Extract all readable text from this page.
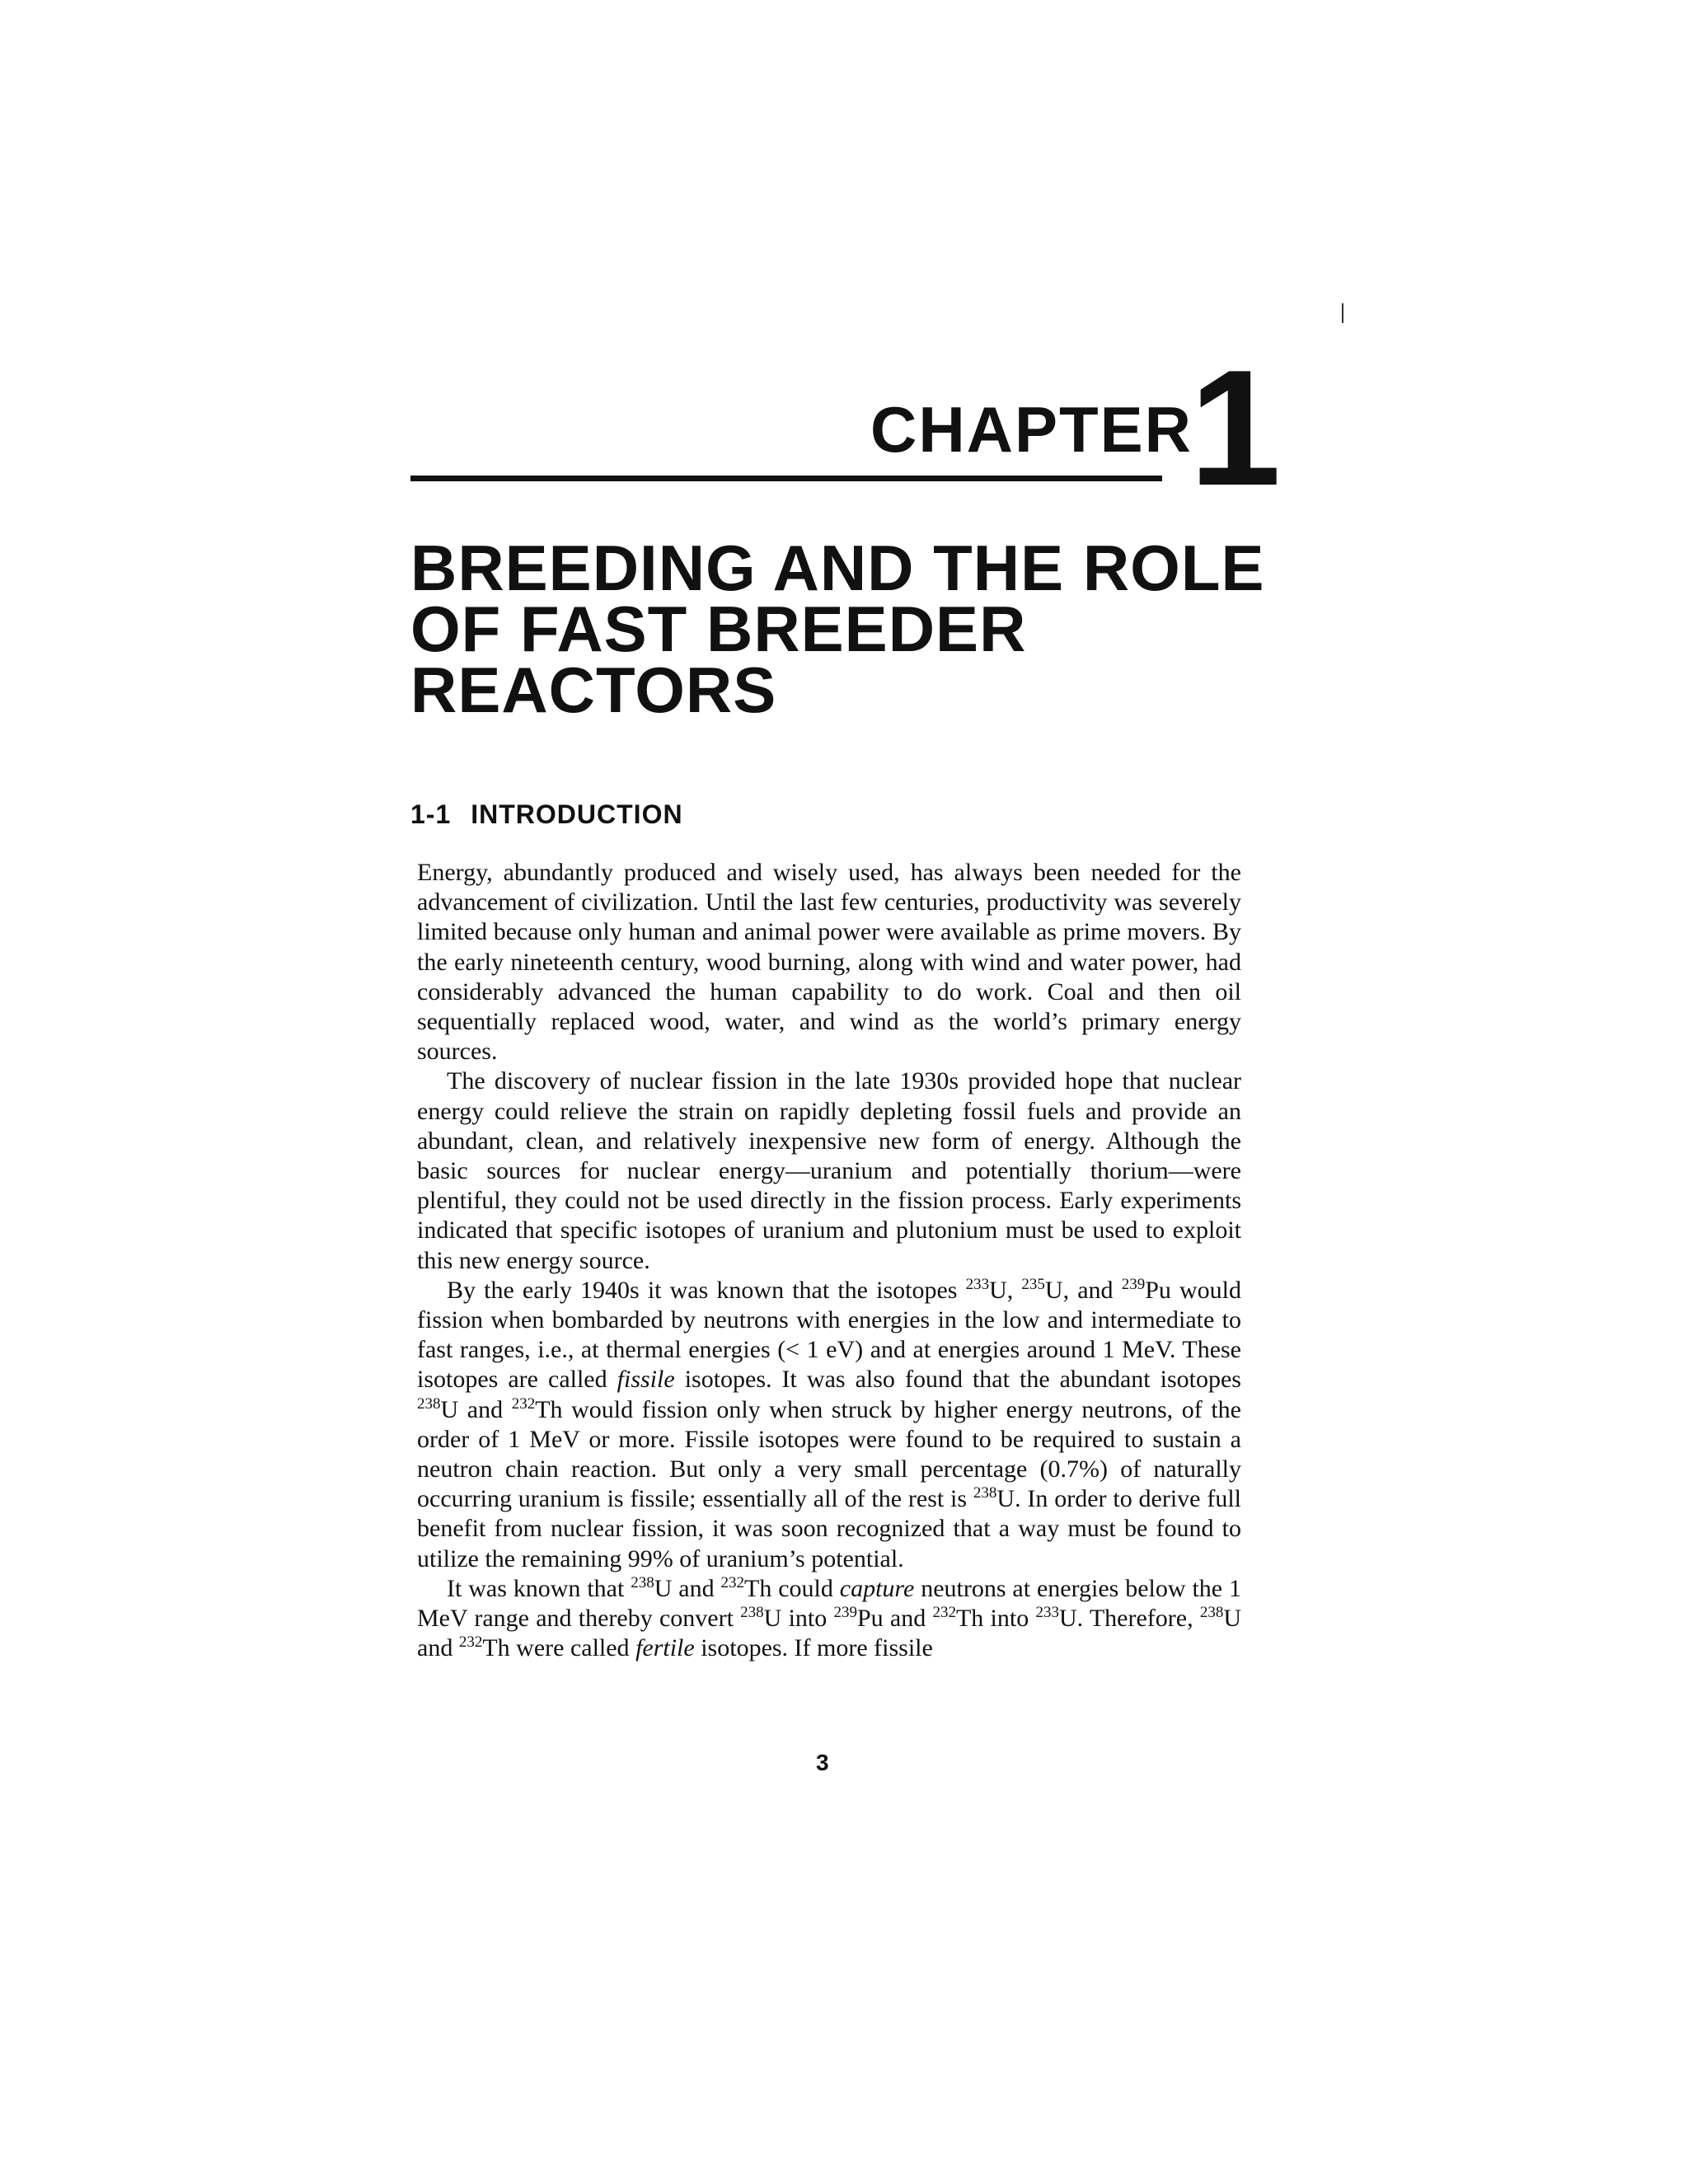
CHAPTER
1
BREEDING AND THE ROLE
OF FAST BREEDER
REACTORS
1-1 INTRODUCTION

Energy, abundantly produced and wisely used, has always been needed for the advancement of civilization. Until the last few centuries, productivity was severely limited because only human and animal power were available as prime movers. By the early nineteenth century, wood burning, along with wind and water power, had considerably advanced the human capability to do work. Coal and then oil sequentially replaced wood, water, and wind as the world’s primary energy sources.

The discovery of nuclear fission in the late 1930s provided hope that nuclear energy could relieve the strain on rapidly depleting fossil fuels and provide an abundant, clean, and relatively inexpensive new form of energy. Although the basic sources for nuclear energy—uranium and potentially thorium—were plentiful, they could not be used directly in the fission process. Early experiments indicated that specific isotopes of uranium and plutonium must be used to exploit this new energy source.

By the early 1940s it was known that the isotopes $^{233}$U, $^{235}$U, and $^{239}$Pu would fission when bombarded by neutrons with energies in the low and intermediate to fast ranges, i.e., at thermal energies (< 1 eV) and at energies around 1 MeV. These isotopes are called fissile isotopes. It was also found that the abundant isotopes $^{238}$U and $^{232}$Th would fission only when struck by higher energy neutrons, of the order of 1 MeV or more. Fissile isotopes were found to be required to sustain a neutron chain reaction. But only a very small percentage (0.7%) of naturally occurring uranium is fissile; essentially all of the rest is $^{238}$U. In order to derive full benefit from nuclear fission, it was soon recognized that a way must be found to utilize the remaining 99% of uranium’s potential.

It was known that $^{238}$U and $^{232}$Th could capture neutrons at energies below the 1 MeV range and thereby convert $^{238}$U into $^{239}$Pu and $^{232}$Th into $^{233}$U. Therefore, $^{238}$U and $^{232}$Th were called fertile isotopes. If more fissile

3
